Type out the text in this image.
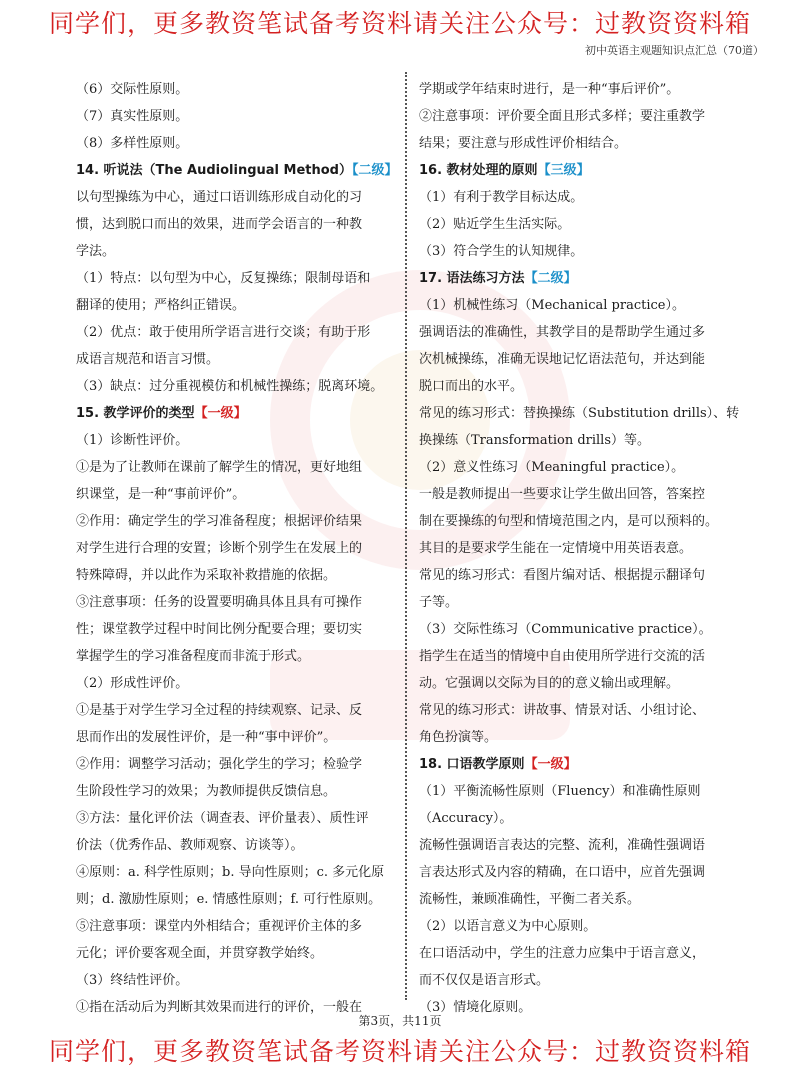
同学们，更多教资笔试备考资料请关注公众号：过教资资料箱
初中英语主观题知识点汇总（70道）
（6）交际性原则。
（7）真实性原则。
（8）多样性原则。
14. 听说法（The Audiolingual Method）【二级】
以句型操练为中心，通过口语训练形成自动化的习
惯，达到脱口而出的效果，进而学会语言的一种教
学法。
（1）特点：以句型为中心，反复操练；限制母语和
翻译的使用；严格纠正错误。
（2）优点：敢于使用所学语言进行交谈；有助于形
成语言规范和语言习惯。
（3）缺点：过分重视模仿和机械性操练；脱离环境。
15. 教学评价的类型【一级】
（1）诊断性评价。
①是为了让教师在课前了解学生的情况，更好地组
织课堂，是一种“事前评价”。
②作用：确定学生的学习准备程度；根据评价结果
对学生进行合理的安置；诊断个别学生在发展上的
特殊障碍，并以此作为采取补救措施的依据。
③注意事项：任务的设置要明确具体且具有可操作
性；课堂教学过程中时间比例分配要合理；要切实
掌握学生的学习准备程度而非流于形式。
（2）形成性评价。
①是基于对学生学习全过程的持续观察、记录、反
思而作出的发展性评价，是一种“事中评价”。
②作用：调整学习活动；强化学生的学习；检验学
生阶段性学习的效果；为教师提供反馈信息。
③方法：量化评价法（调查表、评价量表）、质性评
价法（优秀作品、教师观察、访谈等）。
④原则：a. 科学性原则；b. 导向性原则；c. 多元化原
则；d. 激励性原则；e. 情感性原则；f. 可行性原则。
⑤注意事项：课堂内外相结合；重视评价主体的多
元化；评价要客观全面，并贯穿教学始终。
（3）终结性评价。
①指在活动后为判断其效果而进行的评价，一般在
学期或学年结束时进行，是一种“事后评价”。
②注意事项：评价要全面且形式多样；要注重教学
结果；要注意与形成性评价相结合。
16. 教材处理的原则【三级】
（1）有利于教学目标达成。
（2）贴近学生生活实际。
（3）符合学生的认知规律。
17. 语法练习方法【二级】
（1）机械性练习（Mechanical practice）。
强调语法的准确性，其教学目的是帮助学生通过多
次机械操练，准确无误地记忆语法范句，并达到能
脱口而出的水平。
常见的练习形式：替换操练（Substitution drills）、转
换操练（Transformation drills）等。
（2）意义性练习（Meaningful practice）。
一般是教师提出一些要求让学生做出回答，答案控
制在要操练的句型和情境范围之内，是可以预料的。
其目的是要求学生能在一定情境中用英语表意。
常见的练习形式：看图片编对话、根据提示翻译句
子等。
（3）交际性练习（Communicative practice）。
指学生在适当的情境中自由使用所学进行交流的活
动。它强调以交际为目的的意义输出或理解。
常见的练习形式：讲故事、情景对话、小组讨论、
角色扮演等。
18. 口语教学原则【一级】
（1）平衡流畅性原则（Fluency）和准确性原则
（Accuracy）。
流畅性强调语言表达的完整、流利，准确性强调语
言表达形式及内容的精确，在口语中，应首先强调
流畅性，兼顾准确性，平衡二者关系。
（2）以语言意义为中心原则。
在口语活动中，学生的注意力应集中于语言意义，
而不仅仅是语言形式。
（3）情境化原则。
第3页，共11页
同学们，更多教资笔试备考资料请关注公众号：过教资资料箱
